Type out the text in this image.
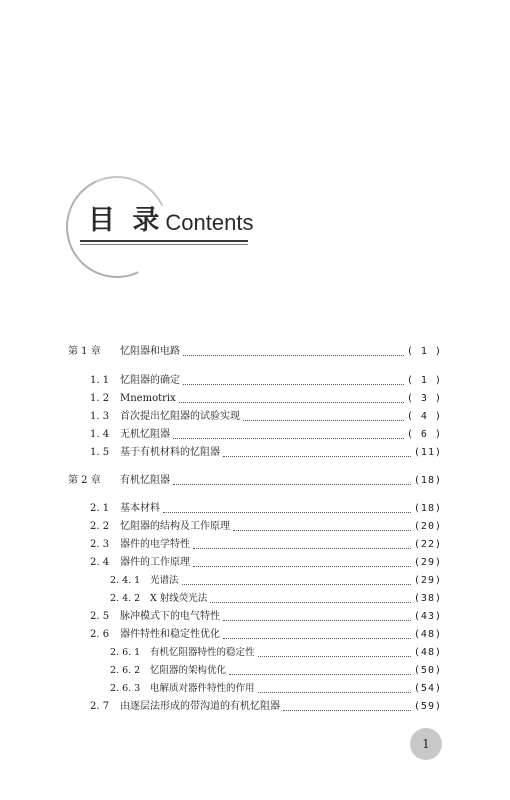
目 录 Contents
第 1 章	忆阻器和电路	( 1 )
1. 1	忆阻器的确定	( 1 )
1. 2	Mnemotrix	( 3 )
1. 3	首次提出忆阻器的试验实现	( 4 )
1. 4	无机忆阻器	( 6 )
1. 5	基于有机材料的忆阻器	(11)
第 2 章	有机忆阻器	(18)
2. 1	基本材料	(18)
2. 2	忆阻器的结构及工作原理	(20)
2. 3	器件的电学特性	(22)
2. 4	器件的工作原理	(29)
2. 4. 1	光谱法	(29)
2. 4. 2	X 射线荧光法	(38)
2. 5	脉冲模式下的电气特性	(43)
2. 6	器件特性和稳定性优化	(48)
2. 6. 1	有机忆阻器特性的稳定性	(48)
2. 6. 2	忆阻器的架构优化	(50)
2. 6. 3	电解质对器件特性的作用	(54)
2. 7	由逐层法形成的带沟道的有机忆阻器	(59)
1
